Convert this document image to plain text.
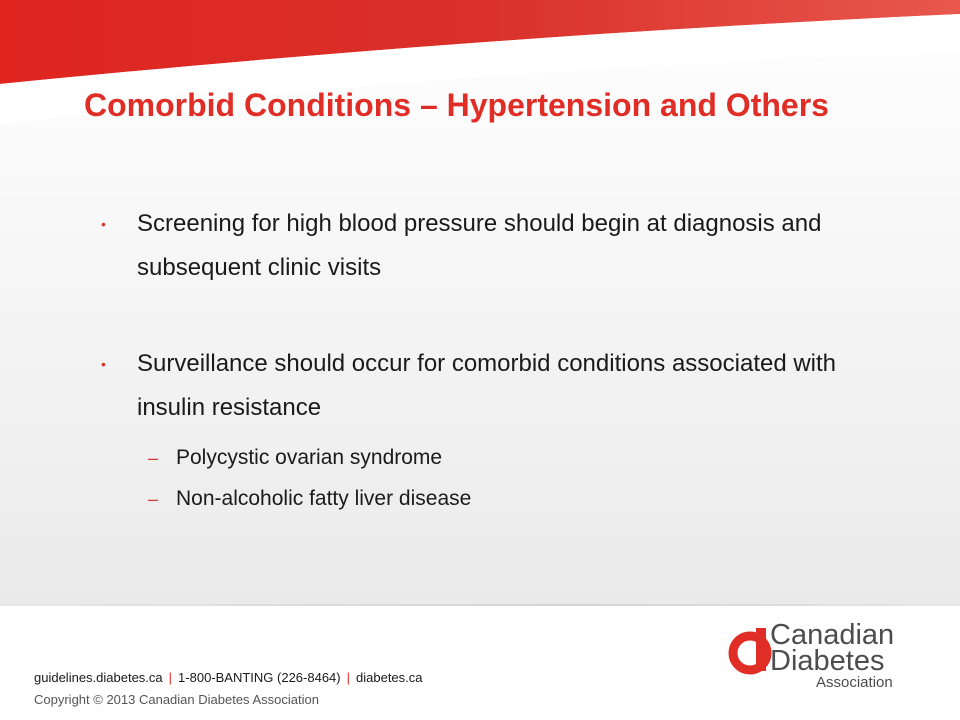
Comorbid Conditions – Hypertension and Others
• Screening for high blood pressure should begin at diagnosis and subsequent clinic visits
• Surveillance should occur for comorbid conditions associated with insulin resistance
– Polycystic ovarian syndrome
– Non-alcoholic fatty liver disease
guidelines.diabetes.ca | 1-800-BANTING (226-8464) | diabetes.ca
Copyright © 2013 Canadian Diabetes Association
Canadian
Diabetes
Association
